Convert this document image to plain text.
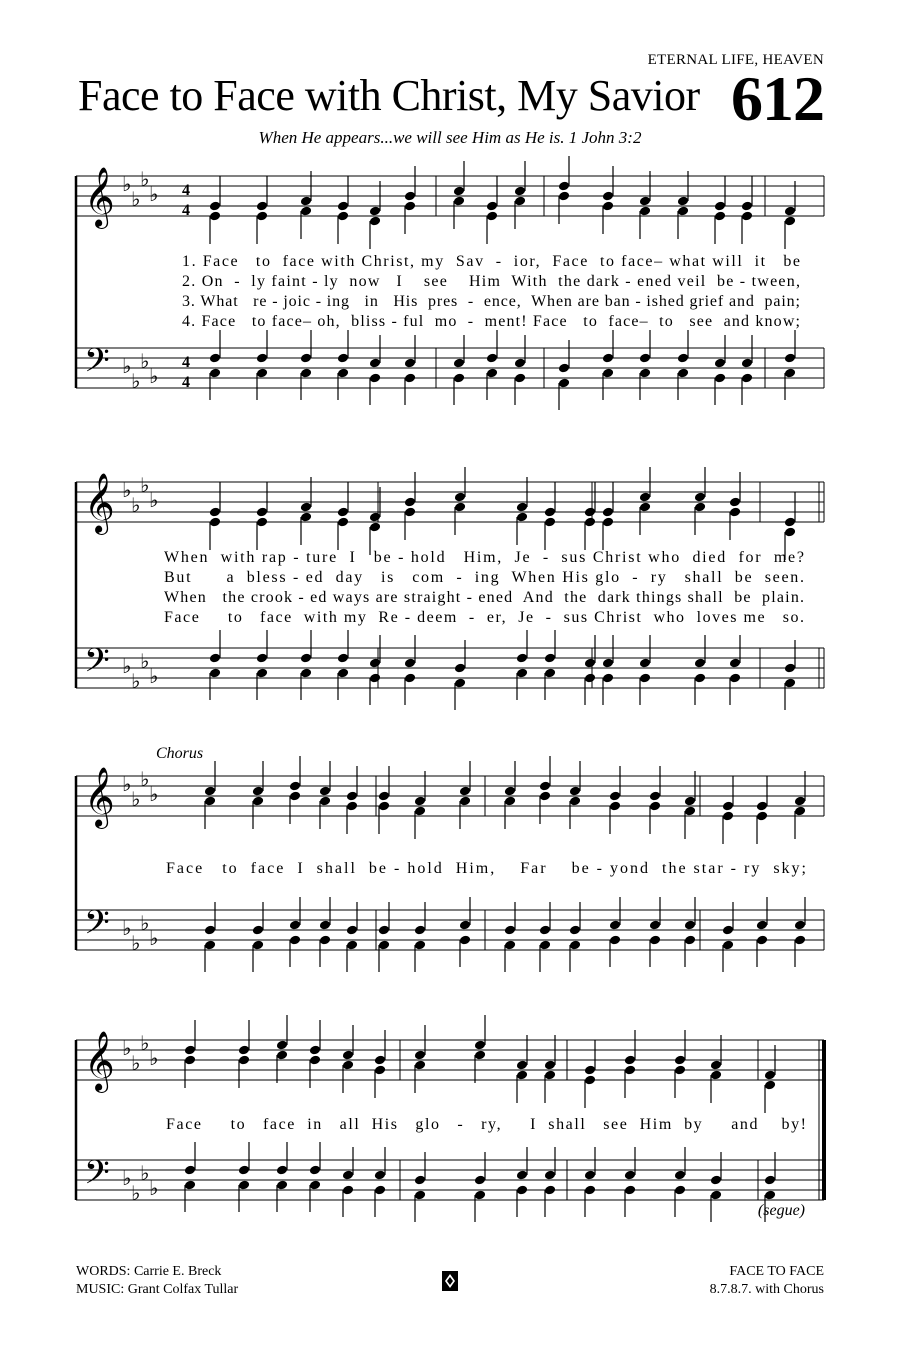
ETERNAL LIFE, HEAVEN
Face to Face with Christ, My Savior 612
When He appears...we will see Him as He is. 1 John 3:2
𝄞
𝄢
♭
♭
♭
♭
♭
♭
♭
♭
4
4
4
4
1. Face   to  face with Christ, my  Sav  -  ior,  Face  to face– what will  it   be
2. On  -  ly faint - ly  now   I    see    Him  With  the dark - ened veil  be - tween,
3. What   re - joic - ing   in   His  pres  -  ence,  When are ban - ished grief and  pain;
4. Face   to face– oh,  bliss - ful  mo  -  ment! Face   to  face–  to   see  and know;
𝄞
𝄢
♭
♭
♭
♭
♭
♭
♭
♭
When  with rap - ture  I   be - hold   Him,  Je  -  sus Christ who  died  for  me?
But      a  bless - ed  day   is   com  -  ing  When His glo  -  ry   shall  be  seen.
When   the crook - ed ways are straight - ened  And  the  dark things shall  be  plain.
Face     to   face  with my  Re - deem  -  er,  Je  -  sus Christ  who  loves me   so.
𝄞
𝄢
♭
♭
♭
♭
♭
♭
♭
♭
Chorus
Face   to  face  I  shall  be - hold  Him,    Far    be - yond  the star - ry  sky;
𝄞
𝄢
♭
♭
♭
♭
♭
♭
♭
♭
Face     to   face  in   all  His   glo   -   ry,     I  shall   see  Him  by     and    by!
(segue)
WORDS: Carrie E. Breck
MUSIC: Grant Colfax Tullar
FACE TO FACE
8.7.8.7. with Chorus
